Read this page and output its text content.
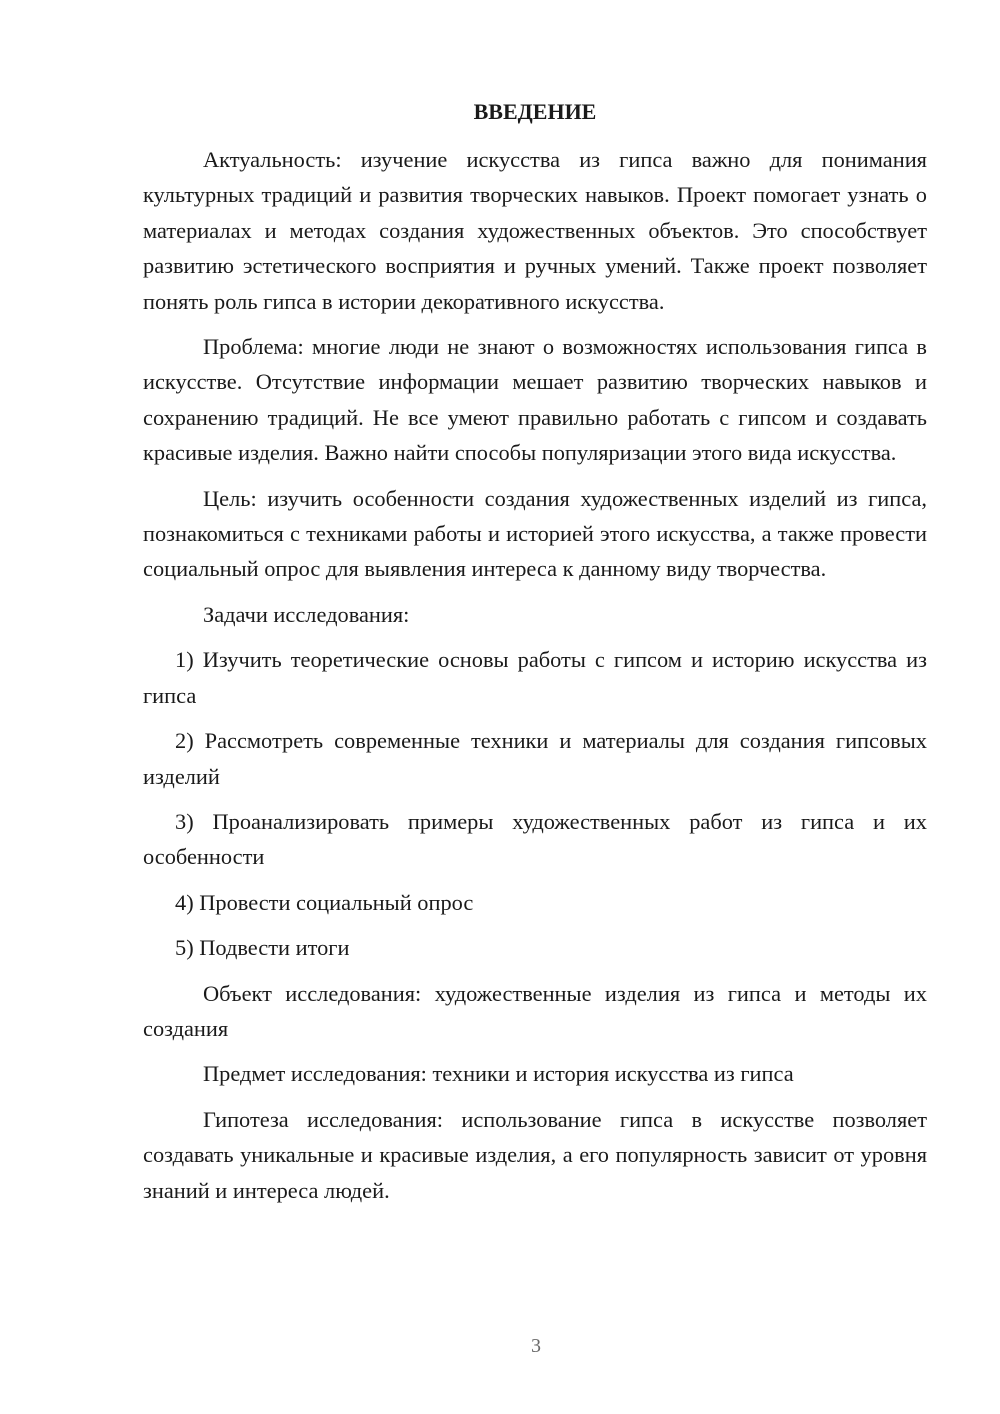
ВВЕДЕНИЕ

Актуальность: изучение искусства из гипса важно для понимания культурных традиций и развития творческих навыков. Проект помогает узнать о материалах и методах создания художественных объектов. Это способствует развитию эстетического восприятия и ручных умений. Также проект позволяет понять роль гипса в истории декоративного искусства.

Проблема: многие люди не знают о возможностях использования гипса в искусстве. Отсутствие информации мешает развитию творческих навыков и сохранению традиций. Не все умеют правильно работать с гипсом и создавать красивые изделия. Важно найти способы популяризации этого вида искусства.

Цель: изучить особенности создания художественных изделий из гипса, познакомиться с техниками работы и историей этого искусства, а также провести социальный опрос для выявления интереса к данному виду творчества.

Задачи исследования:

1) Изучить теоретические основы работы с гипсом и историю искусства из гипса

2) Рассмотреть современные техники и материалы для создания гипсовых изделий

3) Проанализировать примеры художественных работ из гипса и их особенности

4) Провести социальный опрос

5) Подвести итоги

Объект исследования: художественные изделия из гипса и методы их создания

Предмет исследования: техники и история искусства из гипса

Гипотеза исследования: использование гипса в искусстве позволяет создавать уникальные и красивые изделия, а его популярность зависит от уровня знаний и интереса людей.

3
